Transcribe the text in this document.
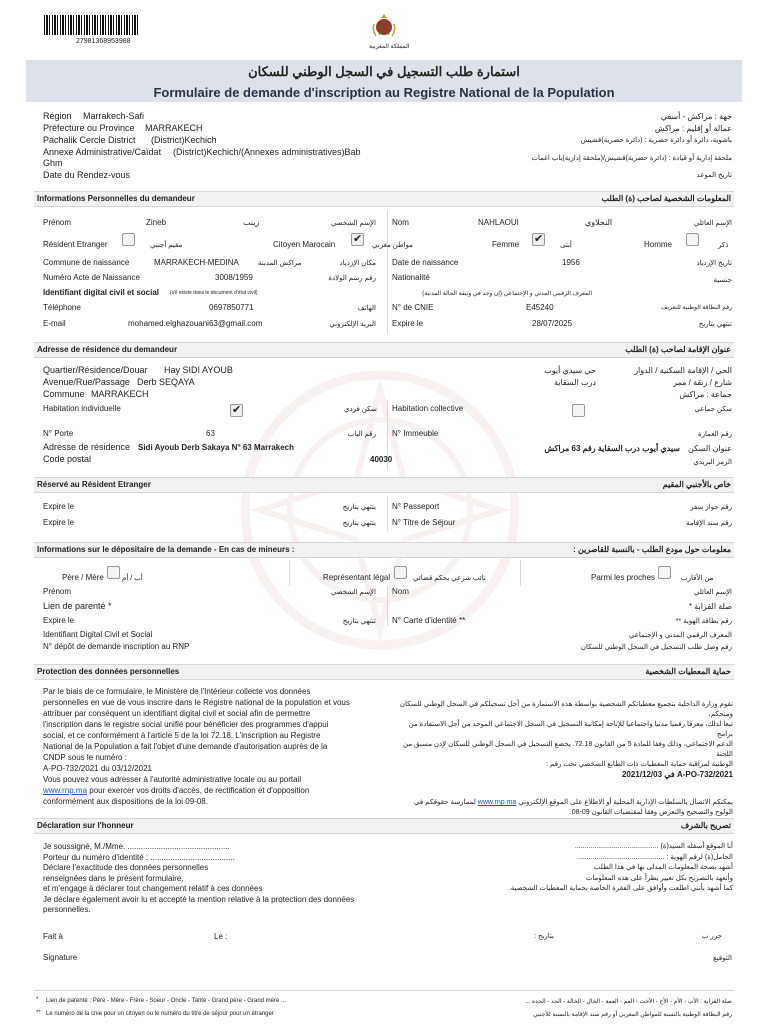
27981368953988
المملكة المغربية
استمارة طلب التسجيل في السجل الوطني للسكان
Formulaire de demande d'inscription au Registre National de la Population
Région Marrakech-Safi	جهة : مراكش - أسفي
Préfecture ou Province MARRAKECH	عمالة أو إقليم : مراكش
Pachalik Cercle District (District)Kechich	باشوية، دائرة أو دائرة حضرية : (دائرة حضرية)قشيش
Annexe Administrative/Caïdat (District)Kechich/(Annexes administratives)Bab
Ghm	ملحقة إدارية أو قيادة : (دائرة حضرية)قشيش/(ملحقة إدارية)باب اغمات
Date du Rendez-vous	تاريخ الموعد
Informations Personnelles du demandeur	المعلومات الشخصية لصاحب (ة) الطلب
Prénom	Zineb	زينب	الإسم الشخصي Nom	NAHLAOUI	النحلاوي	الإسم العائلي
Résident Etranger	مقيم أجنبي	Citoyen Marocain ✔	مواطن مغربي	Femme ✔	أنثى	Homme	ذكر
Commune de naissance	MARRAKECH-MEDINA	مراكش المدينة	مكان الإزدياد Date de naissance	1956	تاريخ الإزدياد
Numéro Acte de Naissance	3008/1959	رقم رسم الولادة Nationalité	جنسية
Identifiant digital civil et social (s'il existe dans le document d'état civil)	المعرف الرقمي المدني و الإجتماعي (إن وجد في وثيقة الحالة المدنية)
Téléphone	0697850771	الهاتف N° de CNIE	E45240	رقم البطاقة الوطنية للتعريف
E-mail	mohamed.elghazouani63@gmail.com	البريد الإلكتروني Expire le	28/07/2025	تنتهي بتاريخ
Adresse de résidence du demandeur	عنوان الإقامة لصاحب (ة) الطلب
Quartier/Résidence/Douar Hay SIDI AYOUB	الحي / الإقامة السكنية / الدوار
حي سيدي أيوب
Avenue/Rue/Passage Derb SEQAYA	شارع / زنقة / ممر
درب السقاية
Commune MARRAKECH	جماعة : مراكش
Habitation individuelle ✔	سكن فردي Habitation collective	سكن جماعي
N° Porte	63	رقم الباب N° Immeuble	رقم العمارة
Adresse de résidence Sidi Ayoub Derb Sakaya N° 63 Marrakech	عنوان السكن
سيدي أيوب درب السقاية رقم 63 مراكش
Code postal	40030	الرمز البريدي
Réservé au Résident Etranger	خاص بالأجنبي المقيم
Expire le	ينتهي بتاريخ N° Passeport	رقم جواز سفر
Expire le	ينتهي بتاريخ N° Titre de Séjour	رقم سند الإقامة
Informations sur le dépositaire de la demande - En cas de mineurs :	معلومات حول مودع الطلب - بالنسبة للقاصرين :
Père / Mère	أب / أم	Représentant légal	نائب شرعي بحكم قضائي	Parmi les proches	من الأقارب
Prénom	الإسم الشخصي Nom	الإسم العائلي
Lien de parenté *	صلة القرابة *
Expire le	تنتهي بتاريخ N° Carte d'identité **	رقم بطاقة الهوية **
Identifiant Digital Civil et Social	المعرف الرقمي المدني و الإجتماعي
N° dépôt de demande inscription au RNP	رقم وصل طلب التسجيل في السجل الوطني للسكان
Protection des données personnelles	حماية المعطيات الشخصية
Par le biais de ce formulaire, le Ministère de l'Intérieur collecte vos données
personnelles en vue de vous inscrire dans le Registre national de la population et vous
attribuer par conséquent un identifiant digital civil et social afin de permettre
l'inscription dans le registre social unifié pour bénéficier des programmes d'appui
social, et ce conformément à l'article 5 de la loi 72.18. L'inscription au Registre
National de la Population a fait l'objet d'une demande d'autorisation auprès de la
CNDP sous le numéro :
A-PO-732/2021 du 03/12/2021
Vous pouvez vous adresser à l'autorité administrative locale ou au portail
www.rnp.ma pour exercer vos droits d'accès, de rectification et d'opposition
conformément aux dispositions de la loi 09-08.
تقوم وزارة الداخلية بتجميع معطياتكم الشخصية بواسطة هذه الاستمارة من أجل تسجيلكم في السجل الوطني للسكان ومنحكم،
تبعا لذلك، معرفا رقميا مدنيا واجتماعيا للإتاحة إمكانية التسجيل في السجل الاجتماعي الموحد من أجل الاستفادة من برامج
الدعم الاجتماعي، وذلك وفقا للمادة 5 من القانون 72.18. يخضع التسجيل في السجل الوطني للسكان لإذن مسبق من اللجنة
الوطنية لمراقبة حماية المعطيات ذات الطابع الشخصي تحت رقم :
A-PO-732/2021 في 2021/12/03
يمكنكم الاتصال بالسلطات الإدارية المحلية أو الاطلاع على الموقع الإلكتروني www.rnp.ma لممارسة حقوقكم في
الولوج والتصحيح والتعرض وفقا لمقتضيات القانون 09-08.
Déclaration sur l'honneur	تصريح بالشرف
Je soussigné, M./Mme. ..............................................
Porteur du numéro d'identité : ......................................
Déclare l'exactitude des données personnelles
renseignées dans le présent formulaire,
et m'engage à déclarer tout changement relatif à ces données
Je déclare également avoir lu et accepté la mention relative à la protection des données
personnelles.
أنا الموقع أسفله السيد(ة) ...........................................
الحامل(ة) لرقم الهوية : .............................................
أشهد بصحة المعلومات المدلى بها في هذا الطلب
وأتعهد بالتصريح بكل تغيير يطرأ على هذه المعلومات
كما أشهد بأنني اطلعت وأوافق على الفقرة الخاصة بحماية المعطيات الشخصية.
Fait à	Le :	بتاريخ :	حرر ب
Signature	التوقيع
* Lien de parenté : Père - Mère - Frère - Soeur - Oncle - Tante - Grand père - Grand mère ...	صلة القرابة : الأب - الأم - الأخ - الأخت - العم - العمة - الخال - الخالة - الجد - الجدة ...
** Le numéro de la cnie pour un citoyen ou le numéro du titre de séjour pour un étranger	رقم البطاقة الوطنية بالنسبة للمواطن المغربي أو رقم سند الإقامة بالنسبة للأجنبي
